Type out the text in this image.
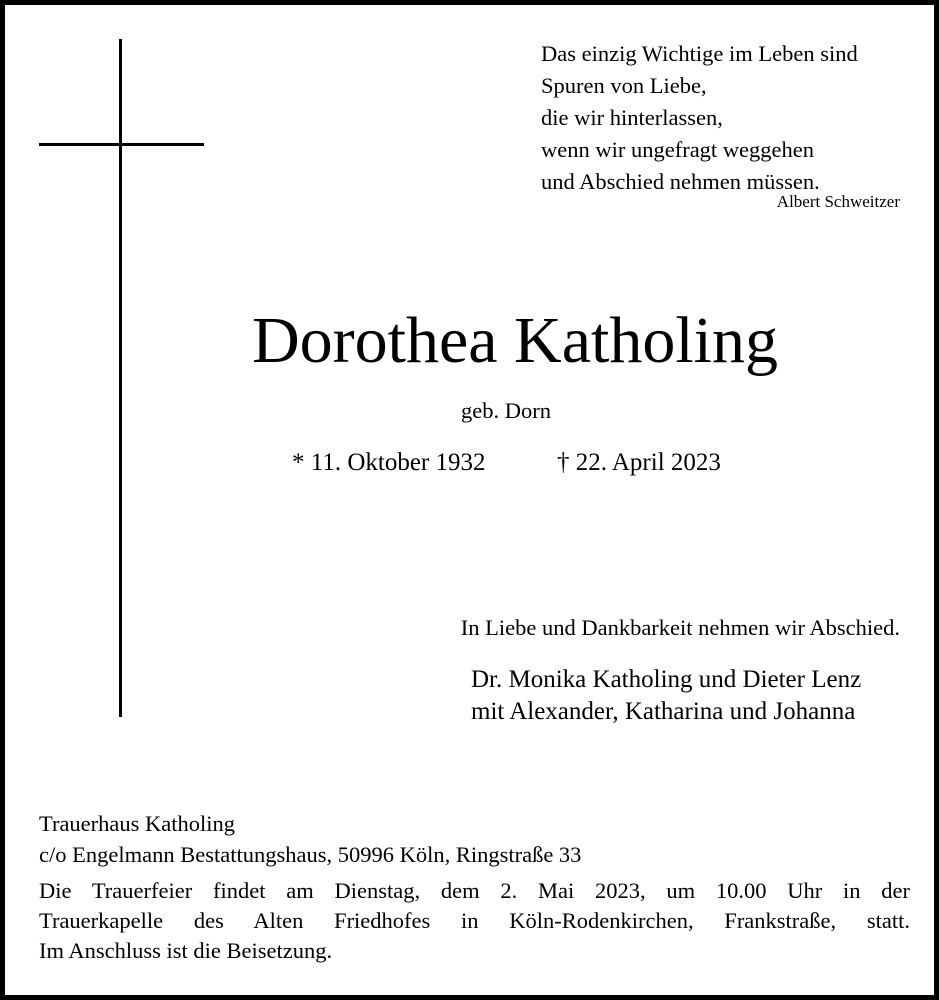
Das einzig Wichtige im Leben sind
Spuren von Liebe,
die wir hinterlassen,
wenn wir ungefragt weggehen
und Abschied nehmen müssen.
Albert Schweitzer
Dorothea Katholing
geb. Dorn
* 11. Oktober 1932	† 22. April 2023
In Liebe und Dankbarkeit nehmen wir Abschied.
Dr. Monika Katholing und Dieter Lenz
mit Alexander, Katharina und Johanna
Trauerhaus Katholing
c/o Engelmann Bestattungshaus, 50996 Köln, Ringstraße 33
Die Trauerfeier findet am Dienstag, dem 2. Mai 2023, um 10.00 Uhr in der
Trauerkapelle des Alten Friedhofes in Köln-Rodenkirchen, Frankstraße, statt.
Im Anschluss ist die Beisetzung.
